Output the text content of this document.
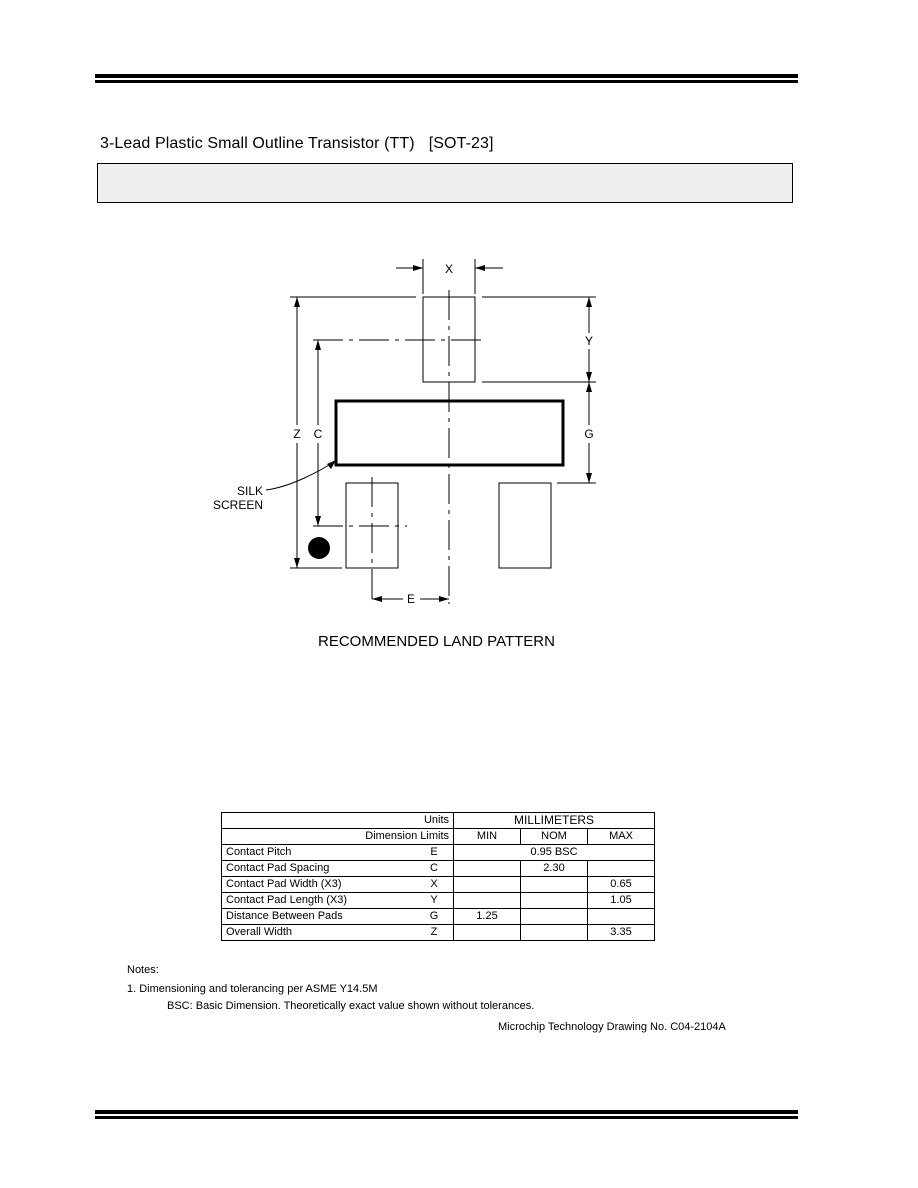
3-Lead Plastic Small Outline Transistor (TT) [SOT-23]
X
Y
Z C	G
E
SILK
SCREEN
RECOMMENDED LAND PATTERN
Units		MILLIMETERS		
Dimension Limits		MIN	NOM	MAX
Contact Pitch	E	0.95 BSC		
Contact Pad Spacing	C		2.30	
Contact Pad Width (X3)	X			0.65
Contact Pad Length (X3)	Y			1.05
Distance Between Pads	G	1.25		
Overall Width	Z			3.35
Notes:
1. Dimensioning and tolerancing per ASME Y14.5M
BSC: Basic Dimension. Theoretically exact value shown without tolerances.
Microchip Technology Drawing No. C04-2104A
